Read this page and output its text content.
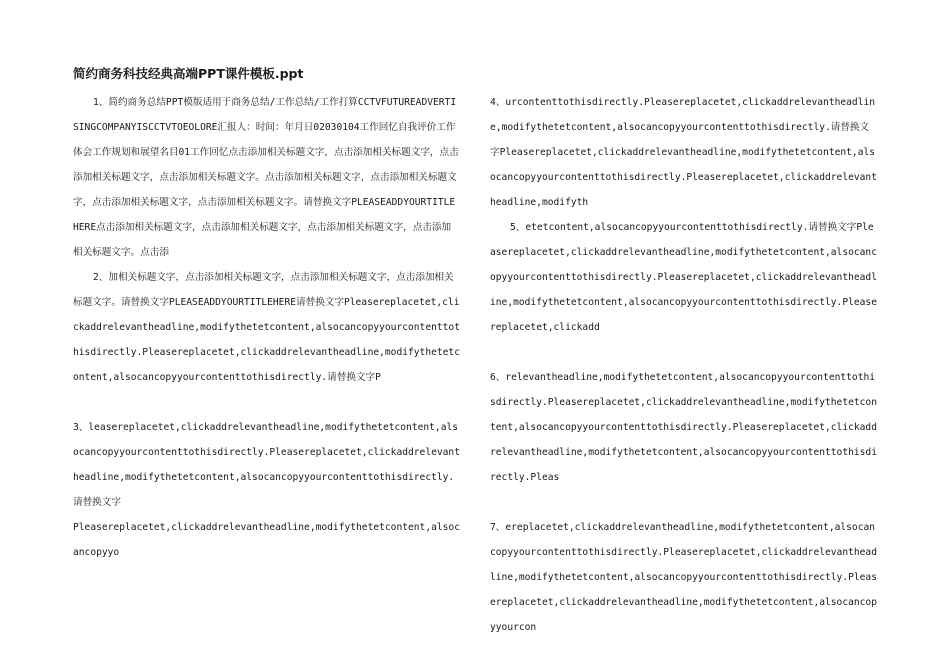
简约商务科技经典高端PPT课件模板.ppt

1、简约商务总结PPT模版适用于商务总结/工作总结/工作打算CCTVFUTUREADVERTISINGCOMPANYISCCTVTOEOLORE汇报人：时间：年月日02030104工作回忆自我评价工作体会工作规划和展望名目01工作回忆点击添加相关标题文字，点击添加相关标题文字，点击添加相关标题文字，点击添加相关标题文字。点击添加相关标题文字，点击添加相关标题文字，点击添加相关标题文字，点击添加相关标题文字。请替换文字PLEASEADDYOURTITLEHERE点击添加相关标题文字，点击添加相关标题文字，点击添加相关标题文字，点击添加相关标题文字。点击添

2、加相关标题文字，点击添加相关标题文字，点击添加相关标题文字，点击添加相关标题文字。请替换文字PLEASEADDYOURTITLEHERE请替换文字Pleasereplacetet,clickaddrelevantheadline,modifythetetcontent,alsocancopyyourcontenttothisdirectly.Pleasereplacetet,clickaddrelevantheadline,modifythetetcontent,alsocancopyyourcontenttothisdirectly.请替换文字P

3、leasereplacetet,clickaddrelevantheadline,modifythetetcontent,alsocancopyyourcontenttothisdirectly.Pleasereplacetet,clickaddrelevantheadline,modifythetetcontent,alsocancopyyourcontenttothisdirectly.请替换文字

Pleasereplacetet,clickaddrelevantheadline,modifythetetcontent,alsocancopyyo

4、urcontenttothisdirectly.Pleasereplacetet,clickaddrelevantheadline,modifythetetcontent,alsocancopyyourcontenttothisdirectly.请替换文字Pleasereplacetet,clickaddrelevantheadline,modifythetetcontent,alsocancopyyourcontenttothisdirectly.Pleasereplacetet,clickaddrelevantheadline,modifyth

5、etetcontent,alsocancopyyourcontenttothisdirectly.请替换文字Pleasereplacetet,clickaddrelevantheadline,modifythetetcontent,alsocancopyyourcontenttothisdirectly.Pleasereplacetet,clickaddrelevantheadline,modifythetetcontent,alsocancopyyourcontenttothisdirectly.Pleasereplacetet,clickadd

6、relevantheadline,modifythetetcontent,alsocancopyyourcontenttothisdirectly.Pleasereplacetet,clickaddrelevantheadline,modifythetetcontent,alsocancopyyourcontenttothisdirectly.Pleasereplacetet,clickaddrelevantheadline,modifythetetcontent,alsocancopyyourcontenttothisdirectly.Pleas

7、ereplacetet,clickaddrelevantheadline,modifythetetcontent,alsocancopyyourcontenttothisdirectly.Pleasereplacetet,clickaddrelevantheadline,modifythetetcontent,alsocancopyyourcontenttothisdirectly.Pleasereplacetet,clickaddrelevantheadline,modifythetetcontent,alsocancopyyourcon
